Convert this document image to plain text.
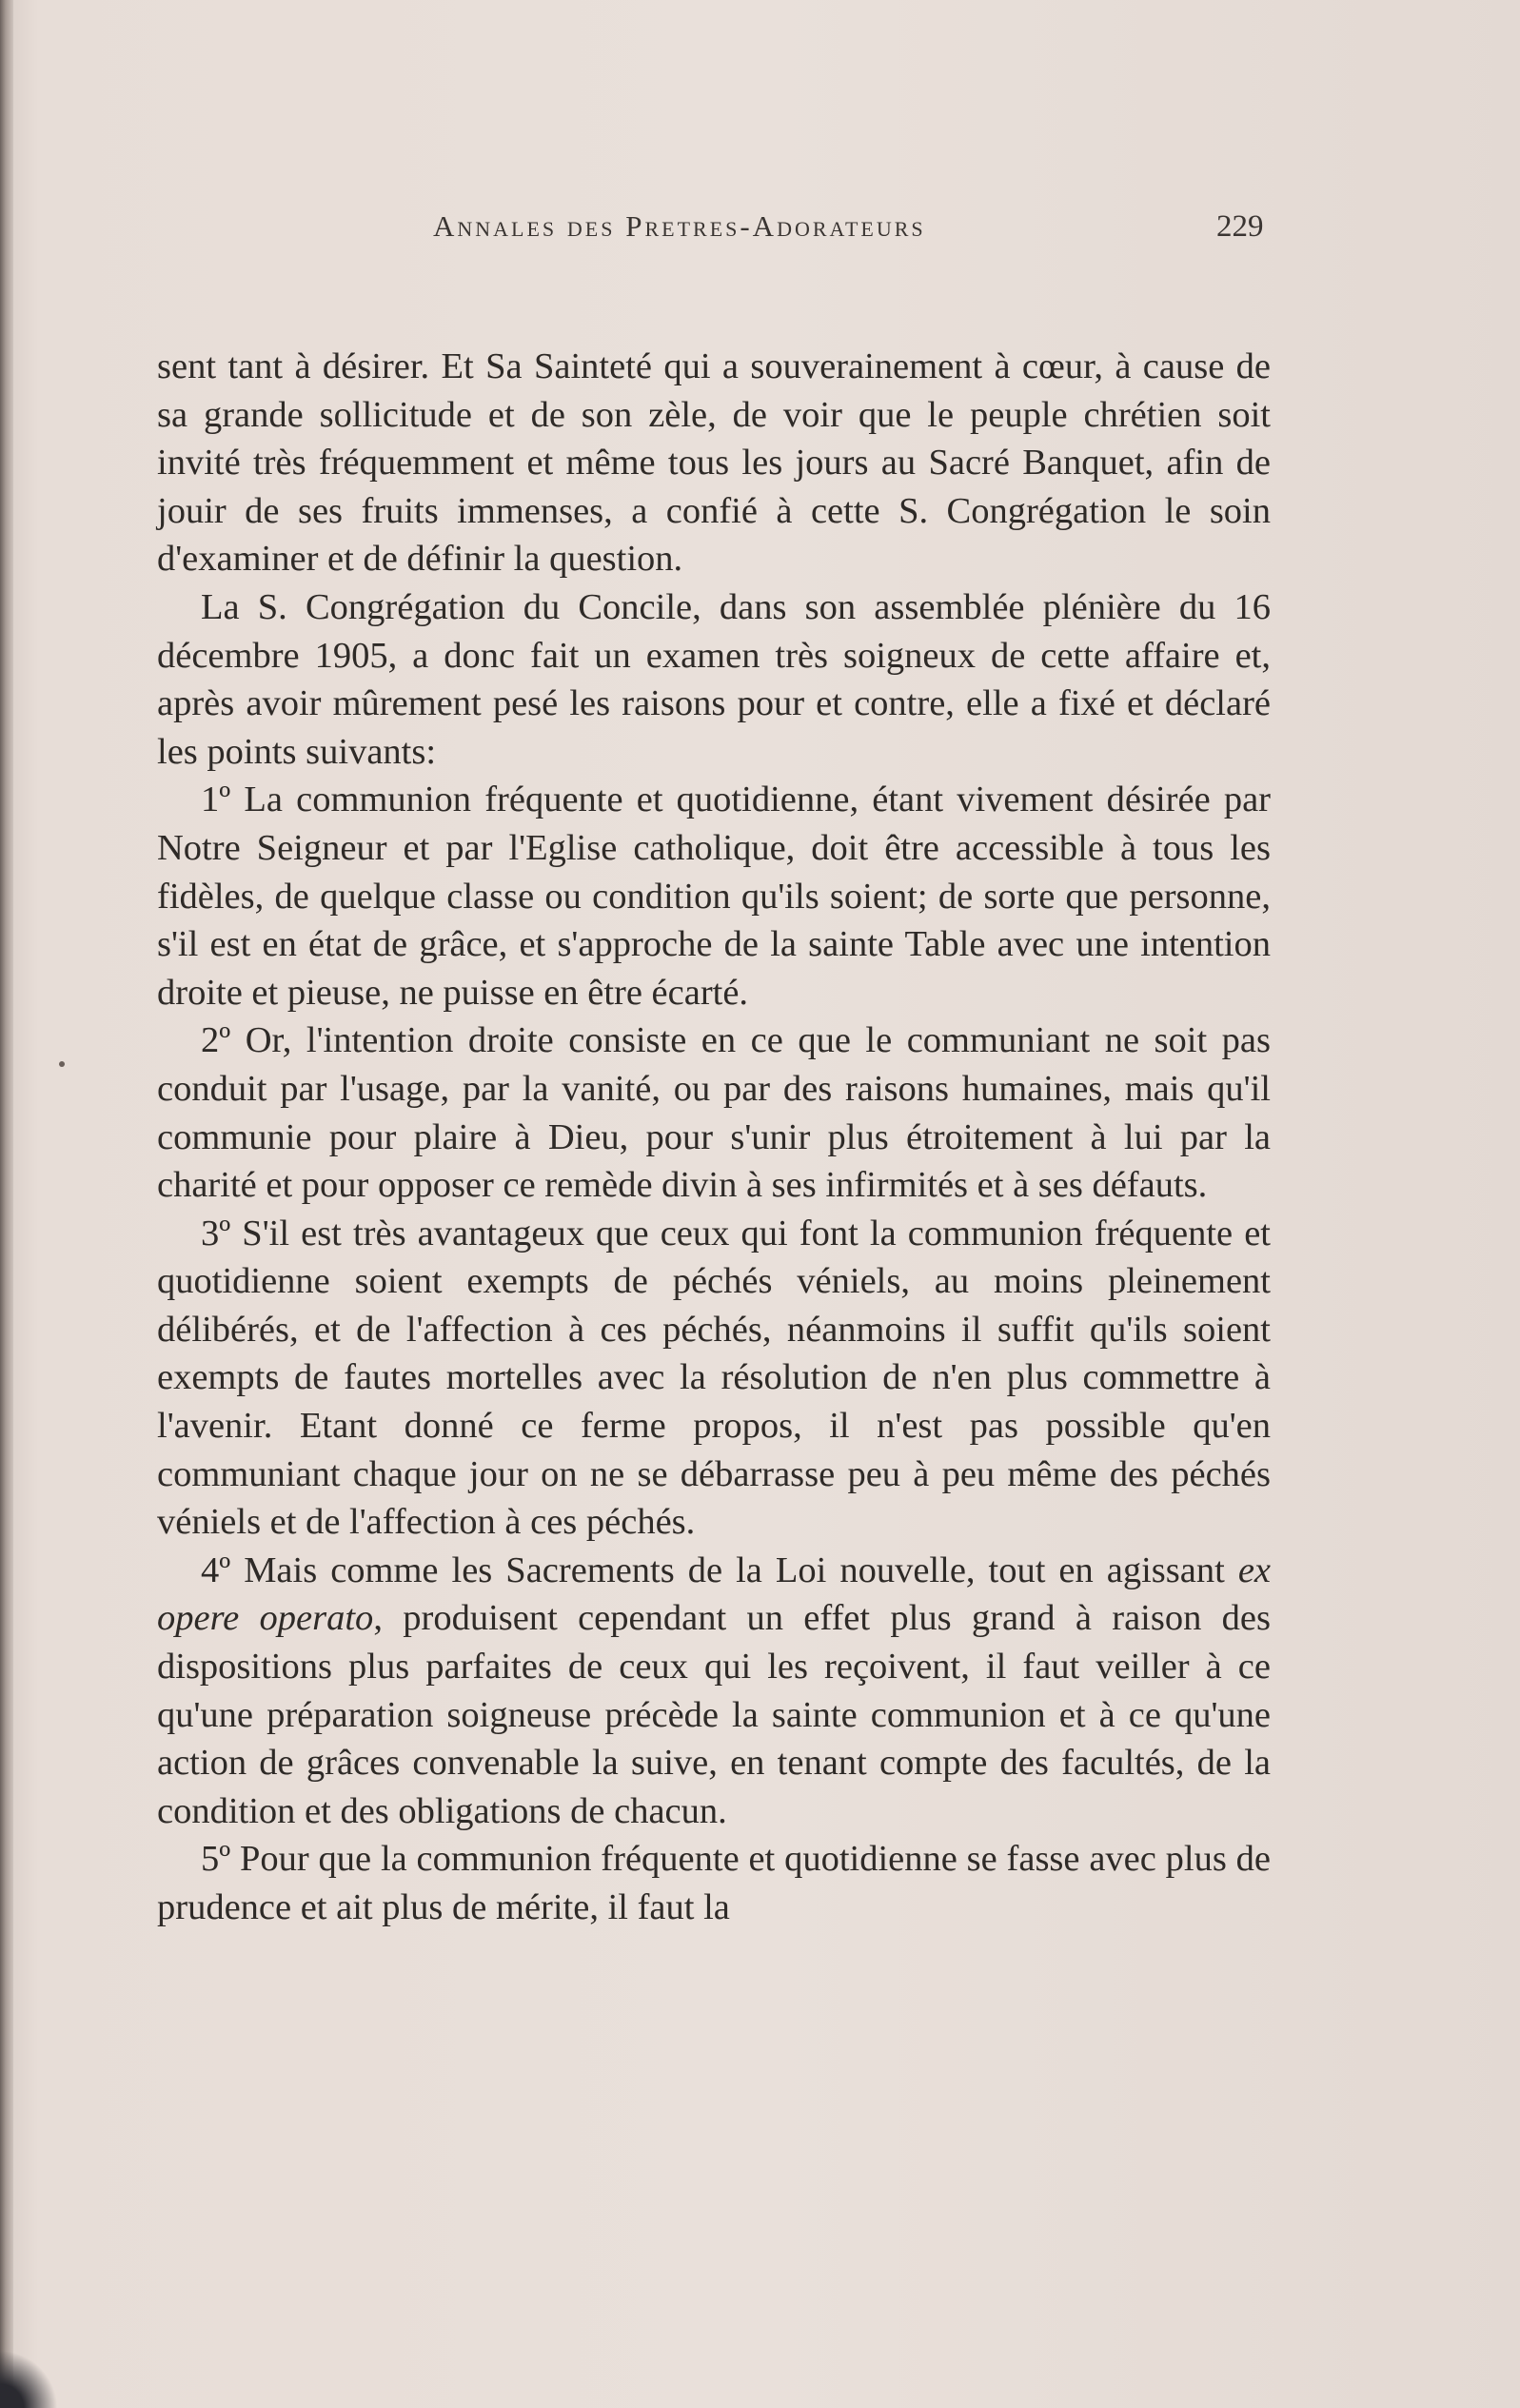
Annales des Pretres-Adorateurs	229

sent tant à désirer. Et Sa Sainteté qui a souverainement à cœur, à cause de sa grande sollicitude et de son zèle, de voir que le peuple chrétien soit invité très fréquemment et même tous les jours au Sacré Banquet, afin de jouir de ses fruits immenses, a confié à cette S. Congrégation le soin d'examiner et de définir la question.

La S. Congrégation du Concile, dans son assemblée plénière du 16 décembre 1905, a donc fait un examen très soigneux de cette affaire et, après avoir mûrement pesé les raisons pour et contre, elle a fixé et déclaré les points suivants:

1º La communion fréquente et quotidienne, étant vivement désirée par Notre Seigneur et par l'Eglise catholique, doit être accessible à tous les fidèles, de quelque classe ou condition qu'ils soient; de sorte que personne, s'il est en état de grâce, et s'approche de la sainte Table avec une intention droite et pieuse, ne puisse en être écarté.

2º Or, l'intention droite consiste en ce que le communiant ne soit pas conduit par l'usage, par la vanité, ou par des raisons humaines, mais qu'il communie pour plaire à Dieu, pour s'unir plus étroitement à lui par la charité et pour opposer ce remède divin à ses infirmités et à ses défauts.

3º S'il est très avantageux que ceux qui font la communion fréquente et quotidienne soient exempts de péchés véniels, au moins pleinement délibérés, et de l'affection à ces péchés, néanmoins il suffit qu'ils soient exempts de fautes mortelles avec la résolution de n'en plus commettre à l'avenir. Etant donné ce ferme propos, il n'est pas possible qu'en communiant chaque jour on ne se débarrasse peu à peu même des péchés véniels et de l'affection à ces péchés.

4º Mais comme les Sacrements de la Loi nouvelle, tout en agissant ex opere operato, produisent cependant un effet plus grand à raison des dispositions plus parfaites de ceux qui les reçoivent, il faut veiller à ce qu'une préparation soigneuse précède la sainte communion et à ce qu'une action de grâces convenable la suive, en tenant compte des facultés, de la condition et des obligations de chacun.

5º Pour que la communion fréquente et quotidienne se fasse avec plus de prudence et ait plus de mérite, il faut la
